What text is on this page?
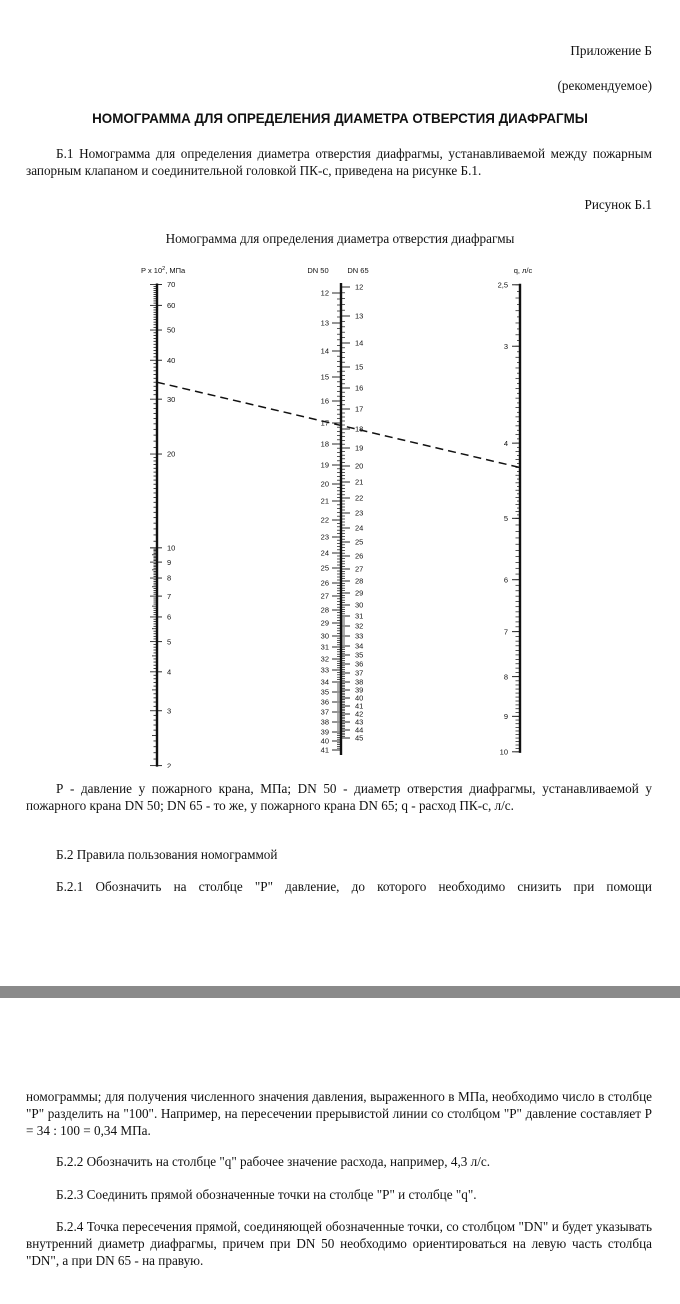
Приложение Б

(рекомендуемое)

НОМОГРАММА ДЛЯ ОПРЕДЕЛЕНИЯ ДИАМЕТРА ОТВЕРСТИЯ ДИАФРАГМЫ

Б.1 Номограмма для определения диаметра отверстия диафрагмы, устанавливаемой между пожарным запорным клапаном и соединительной головкой ПК-с, приведена на рисунке Б.1.

Рисунок Б.1

Номограмма для определения диаметра отверстия диафрагмы

P x $10^2$, МПа
70
60
50
40
30
20
10
9
8
7
6
5
4
3
2
DN 50 DN 65
12
13
14
15
16
17
18
19
20
21
22
23
24
25
26
27
28
29
30
31
32
33
34
35
36
37
38
39
40
41
12
13
14
15
16
17
18
19
20
21
22
23
24
25
26
27
28
29
30
31
32
33
34
35
36
37
38
39
40
41
42
43
44
45
q, л/с
2,5
3
4
5
6
7
8
9
10

Р - давление у пожарного крана, МПа; DN 50 - диаметр отверстия диафрагмы, устанавливаемой у пожарного крана DN 50; DN 65 - то же, у пожарного крана DN 65; q - расход ПК-с, л/с.

Б.2 Правила пользования номограммой

Б.2.1 Обозначить на столбце "Р" давление, до которого необходимо снизить при помощи

номограммы; для получения численного значения давления, выраженного в МПа, необходимо число в столбце "Р" разделить на "100". Например, на пересечении прерывистой линии со столбцом "Р" давление составляет Р = 34 : 100 = 0,34 МПа.

Б.2.2 Обозначить на столбце "q" рабочее значение расхода, например, 4,3 л/с.

Б.2.3 Соединить прямой обозначенные точки на столбце "Р" и столбце "q".

Б.2.4 Точка пересечения прямой, соединяющей обозначенные точки, со столбцом "DN" и будет указывать внутренний диаметр диафрагмы, причем при DN 50 необходимо ориентироваться на левую часть столбца "DN", а при DN 65 - на правую.
